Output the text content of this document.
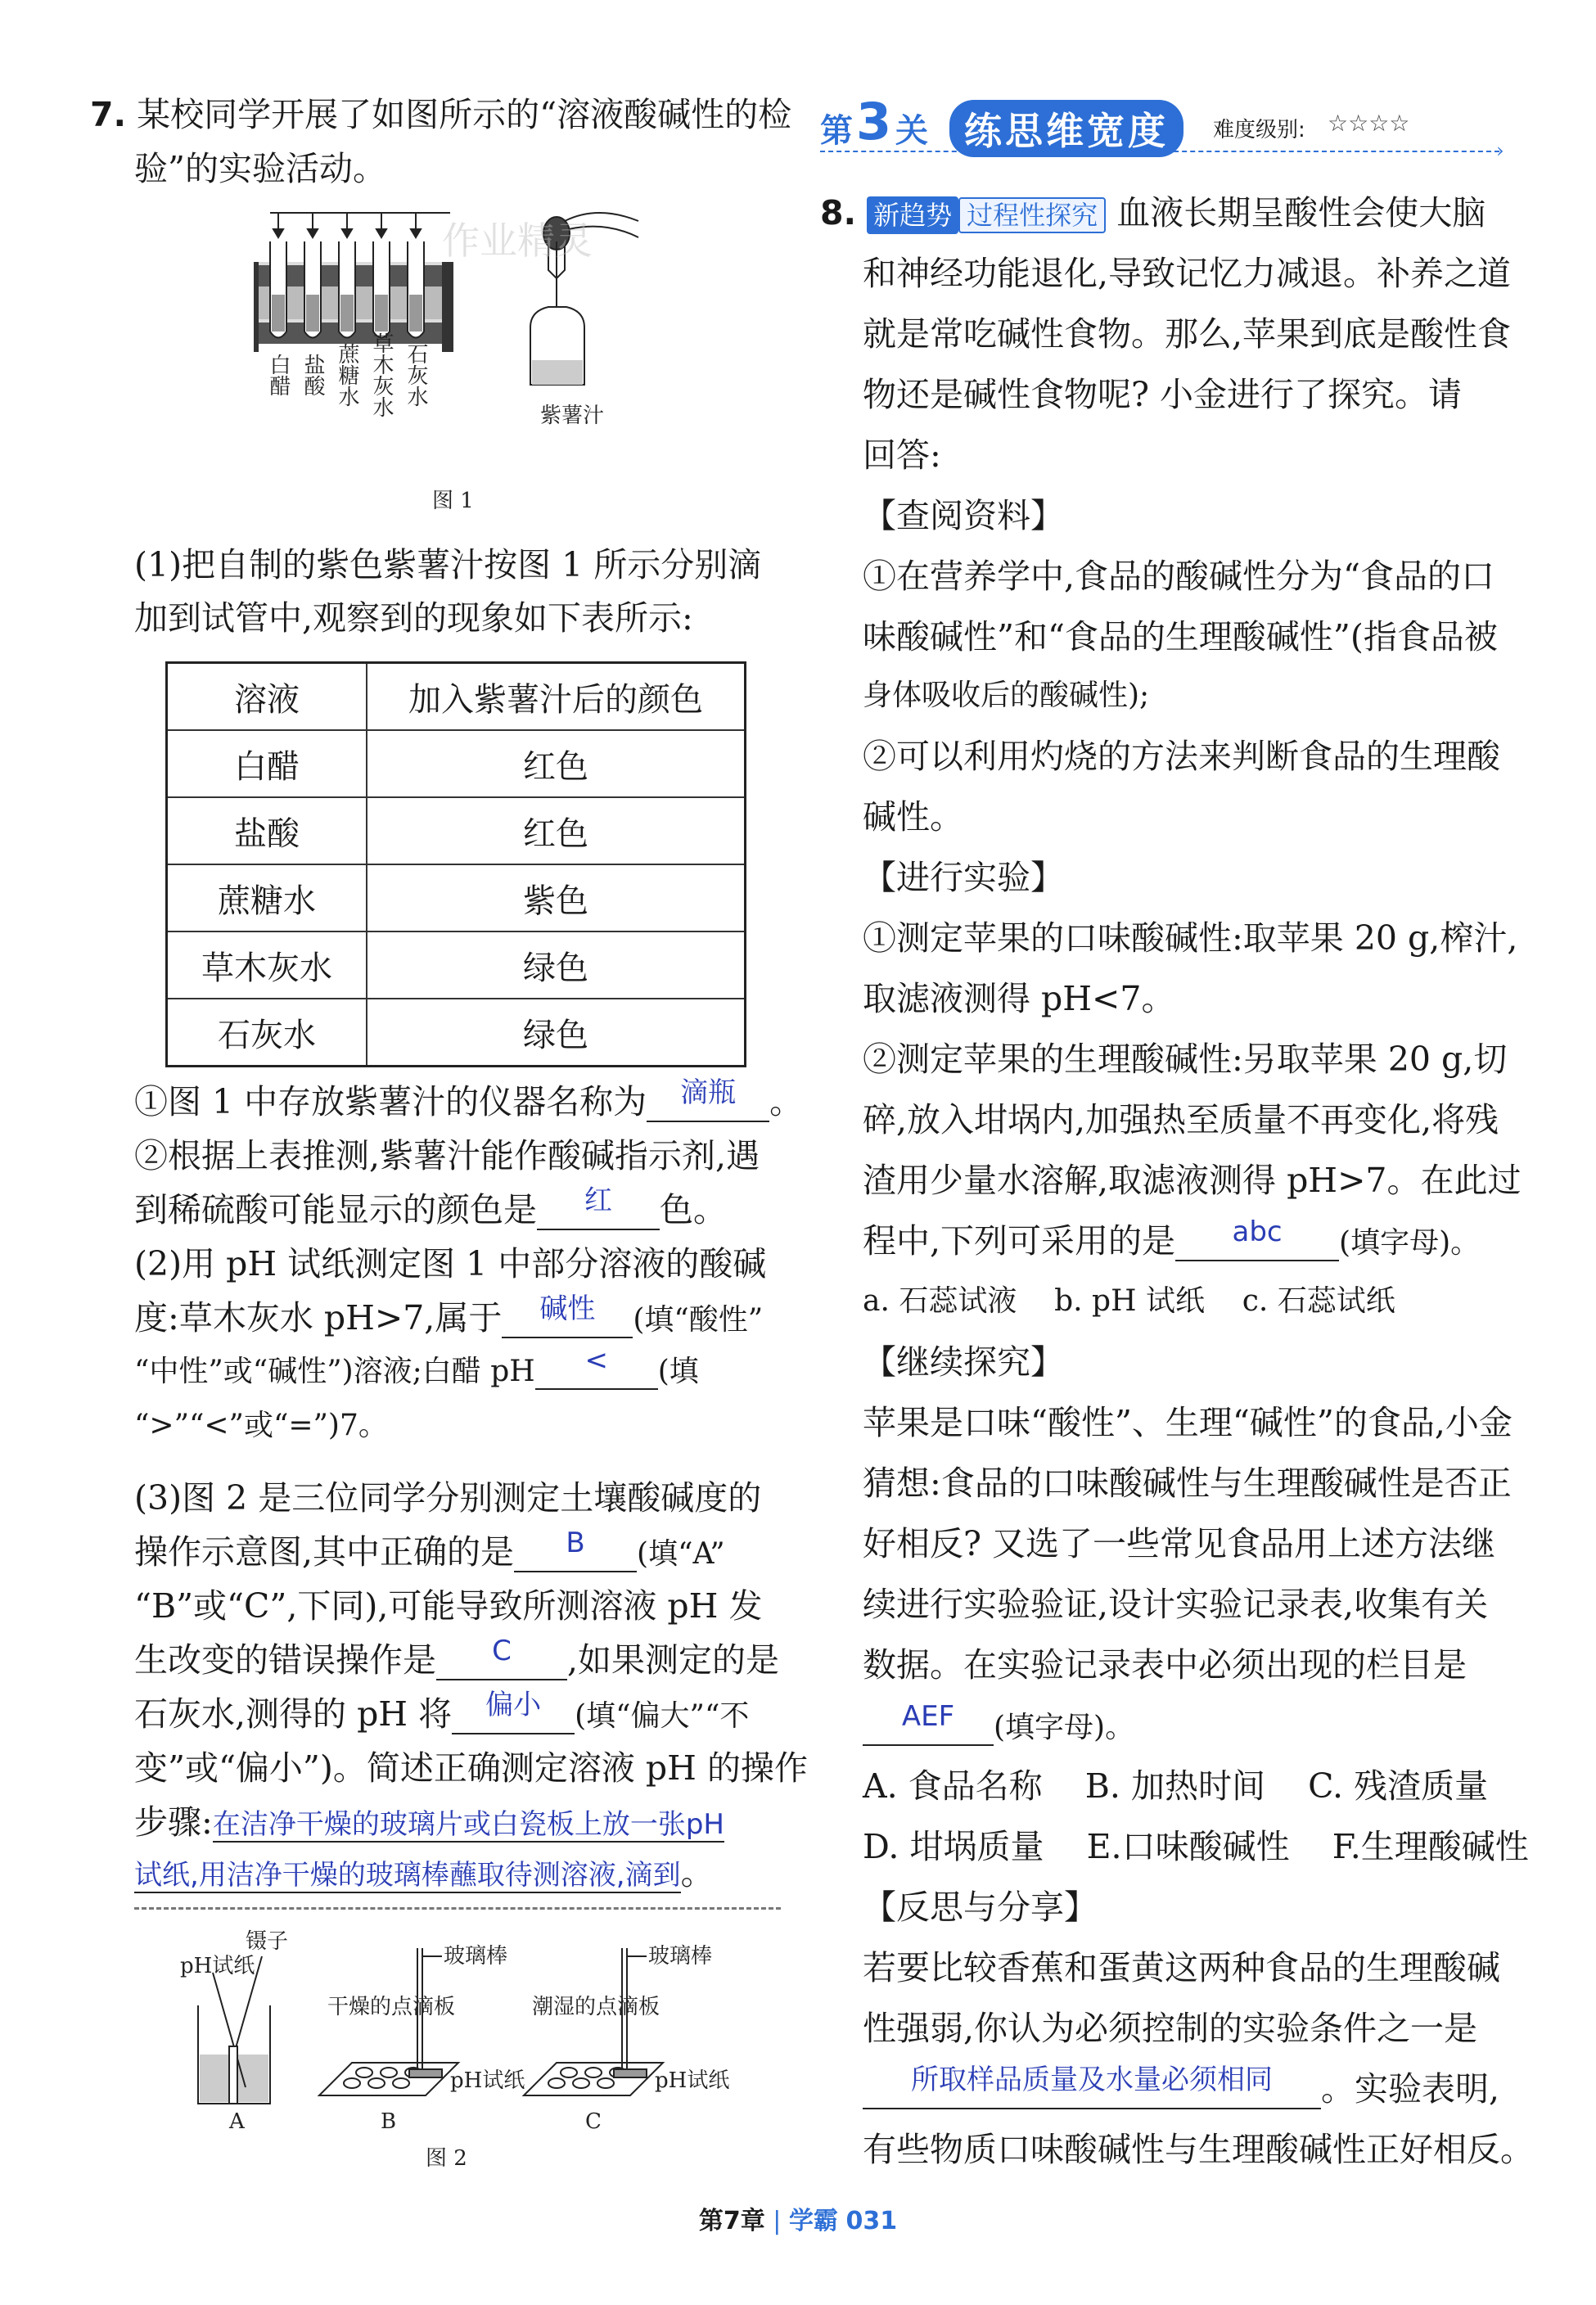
7. 某校同学开展了如图所示的“溶液酸碱性的检
验”的实验活动。
白醋 盐酸 蔗糖水 草木灰水 石灰水
紫薯汁
作业精灵
图 1
(1)把自制的紫色紫薯汁按图 1 所示分别滴
加到试管中,观察到的现象如下表所示:
溶液	加入紫薯汁后的颜色
白醋	红色
盐酸	红色
蔗糖水	紫色
草木灰水	绿色
石灰水	绿色
①图 1 中存放紫薯汁的仪器名称为 滴瓶 。
②根据上表推测,紫薯汁能作酸碱指示剂,遇
到稀硫酸可能显示的颜色是 红 色。
(2)用 pH 试纸测定图 1 中部分溶液的酸碱
度:草木灰水 pH>7,属于 碱性 (填“酸性”
“中性”或“碱性”)溶液;白醋 pH < (填
“>”“<”或“=”)7。
(3)图 2 是三位同学分别测定土壤酸碱度的
操作示意图,其中正确的是 B (填“A”
“B”或“C”,下同),可能导致所测溶液 pH 发
生改变的错误操作是 C ,如果测定的是
石灰水,测得的 pH 将 偏小 (填“偏大”“不
变”或“偏小”)。简述正确测定溶液 pH 的操作
步骤:在洁净干燥的玻璃片或白瓷板上放一张pH
试纸,用洁净干燥的玻璃棒蘸取待测溶液,滴到。
镊子
pH试纸
干燥的点滴板
玻璃棒
pH试纸
潮湿的点滴板
玻璃棒
pH试纸
A	B	C
图 2
第 3 关 练思维宽度	难度级别: ☆☆☆☆
›
8. 新趋势 过程性探究 血液长期呈酸性会使大脑
和神经功能退化,导致记忆力减退。补养之道
就是常吃碱性食物。那么,苹果到底是酸性食
物还是碱性食物呢? 小金进行了探究。请
回答:
【查阅资料】
①在营养学中,食品的酸碱性分为“食品的口
味酸碱性”和“食品的生理酸碱性”(指食品被
身体吸收后的酸碱性);
②可以利用灼烧的方法来判断食品的生理酸
碱性。
【进行实验】
①测定苹果的口味酸碱性:取苹果 20 g,榨汁,
取滤液测得 pH<7。
②测定苹果的生理酸碱性:另取苹果 20 g,切
碎,放入坩埚内,加强热至质量不再变化,将残
渣用少量水溶解,取滤液测得 pH>7。在此过
程中,下列可采用的是 abc (填字母)。
a. 石蕊试液    b. pH 试纸    c. 石蕊试纸
【继续探究】
苹果是口味“酸性”、生理“碱性”的食品,小金
猜想:食品的口味酸碱性与生理酸碱性是否正
好相反? 又选了一些常见食品用上述方法继
续进行实验验证,设计实验记录表,收集有关
数据。在实验记录表中必须出现的栏目是
AEF (填字母)。
A. 食品名称    B. 加热时间    C. 残渣质量
D. 坩埚质量    E.口味酸碱性    F.生理酸碱性
【反思与分享】
若要比较香蕉和蛋黄这两种食品的生理酸碱
性强弱,你认为必须控制的实验条件之一是
所取样品质量及水量必须相同 。实验表明,
有些物质口味酸碱性与生理酸碱性正好相反。
第7章 | 学霸 031
